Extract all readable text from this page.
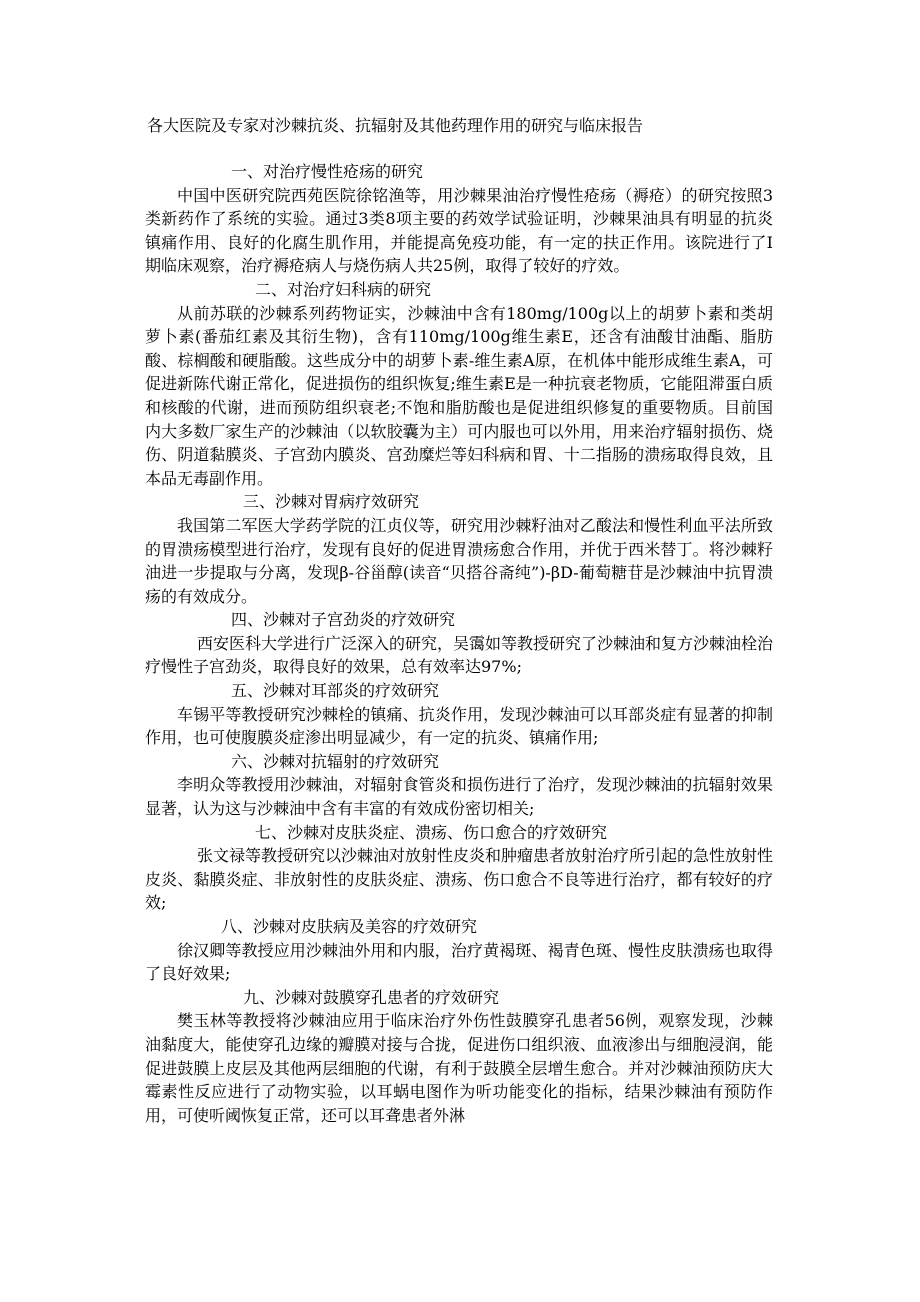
各大医院及专家对沙棘抗炎、抗辐射及其他药理作用的研究与临床报告
一、对治疗慢性疮疡的研究

中国中医研究院西苑医院徐铭渔等，用沙棘果油治疗慢性疮疡（褥疮）的研究按照3类新药作了系统的实验。通过3类8项主要的药效学试验证明，沙棘果油具有明显的抗炎镇痛作用、良好的化腐生肌作用，并能提高免疫功能，有一定的扶正作用。该院进行了I期临床观察，治疗褥疮病人与烧伤病人共25例，取得了较好的疗效。

二、对治疗妇科病的研究

从前苏联的沙棘系列药物证实，沙棘油中含有180mg/100g以上的胡萝卜素和类胡萝卜素(番茄红素及其衍生物)，含有110mg/100g维生素E，还含有油酸甘油酯、脂肪酸、棕榈酸和硬脂酸。这些成分中的胡萝卜素-维生素A原，在机体中能形成维生素A，可促进新陈代谢正常化，促进损伤的组织恢复;维生素E是一种抗衰老物质，它能阻滞蛋白质和核酸的代谢，进而预防组织衰老;不饱和脂肪酸也是促进组织修复的重要物质。目前国内大多数厂家生产的沙棘油（以软胶囊为主）可内服也可以外用，用来治疗辐射损伤、烧伤、阴道黏膜炎、子宫劲内膜炎、宫劲糜烂等妇科病和胃、十二指肠的溃疡取得良效，且本品无毒副作用。

三、沙棘对胃病疗效研究

我国第二军医大学药学院的江贞仪等，研究用沙棘籽油对乙酸法和慢性利血平法所致的胃溃疡模型进行治疗，发现有良好的促进胃溃疡愈合作用，并优于西米替丁。将沙棘籽油进一步提取与分离，发现β-谷甾醇(读音“贝搭谷斋纯”)-βD-葡萄糖苷是沙棘油中抗胃溃疡的有效成分。

四、沙棘对子宫劲炎的疗效研究

西安医科大学进行广泛深入的研究，吴霭如等教授研究了沙棘油和复方沙棘油栓治疗慢性子宫劲炎，取得良好的效果，总有效率达97%;

五、沙棘对耳部炎的疗效研究

车锡平等教授研究沙棘栓的镇痛、抗炎作用，发现沙棘油可以耳部炎症有显著的抑制作用，也可使腹膜炎症渗出明显减少，有一定的抗炎、镇痛作用;

六、沙棘对抗辐射的疗效研究

李明众等教授用沙棘油，对辐射食管炎和损伤进行了治疗，发现沙棘油的抗辐射效果显著，认为这与沙棘油中含有丰富的有效成份密切相关;

七、沙棘对皮肤炎症、溃疡、伤口愈合的疗效研究

张文禄等教授研究以沙棘油对放射性皮炎和肿瘤患者放射治疗所引起的急性放射性皮炎、黏膜炎症、非放射性的皮肤炎症、溃疡、伤口愈合不良等进行治疗，都有较好的疗效;

八、沙棘对皮肤病及美容的疗效研究

徐汉卿等教授应用沙棘油外用和内服，治疗黄褐斑、褐青色斑、慢性皮肤溃疡也取得了良好效果;

九、沙棘对鼓膜穿孔患者的疗效研究

樊玉林等教授将沙棘油应用于临床治疗外伤性鼓膜穿孔患者56例，观察发现，沙棘油黏度大，能使穿孔边缘的瓣膜对接与合拢，促进伤口组织液、血液渗出与细胞浸润，能促进鼓膜上皮层及其他两层细胞的代谢，有利于鼓膜全层增生愈合。并对沙棘油预防庆大霉素性反应进行了动物实验，以耳蜗电图作为听功能变化的指标，结果沙棘油有预防作用，可使听阈恢复正常，还可以耳聋患者外淋
